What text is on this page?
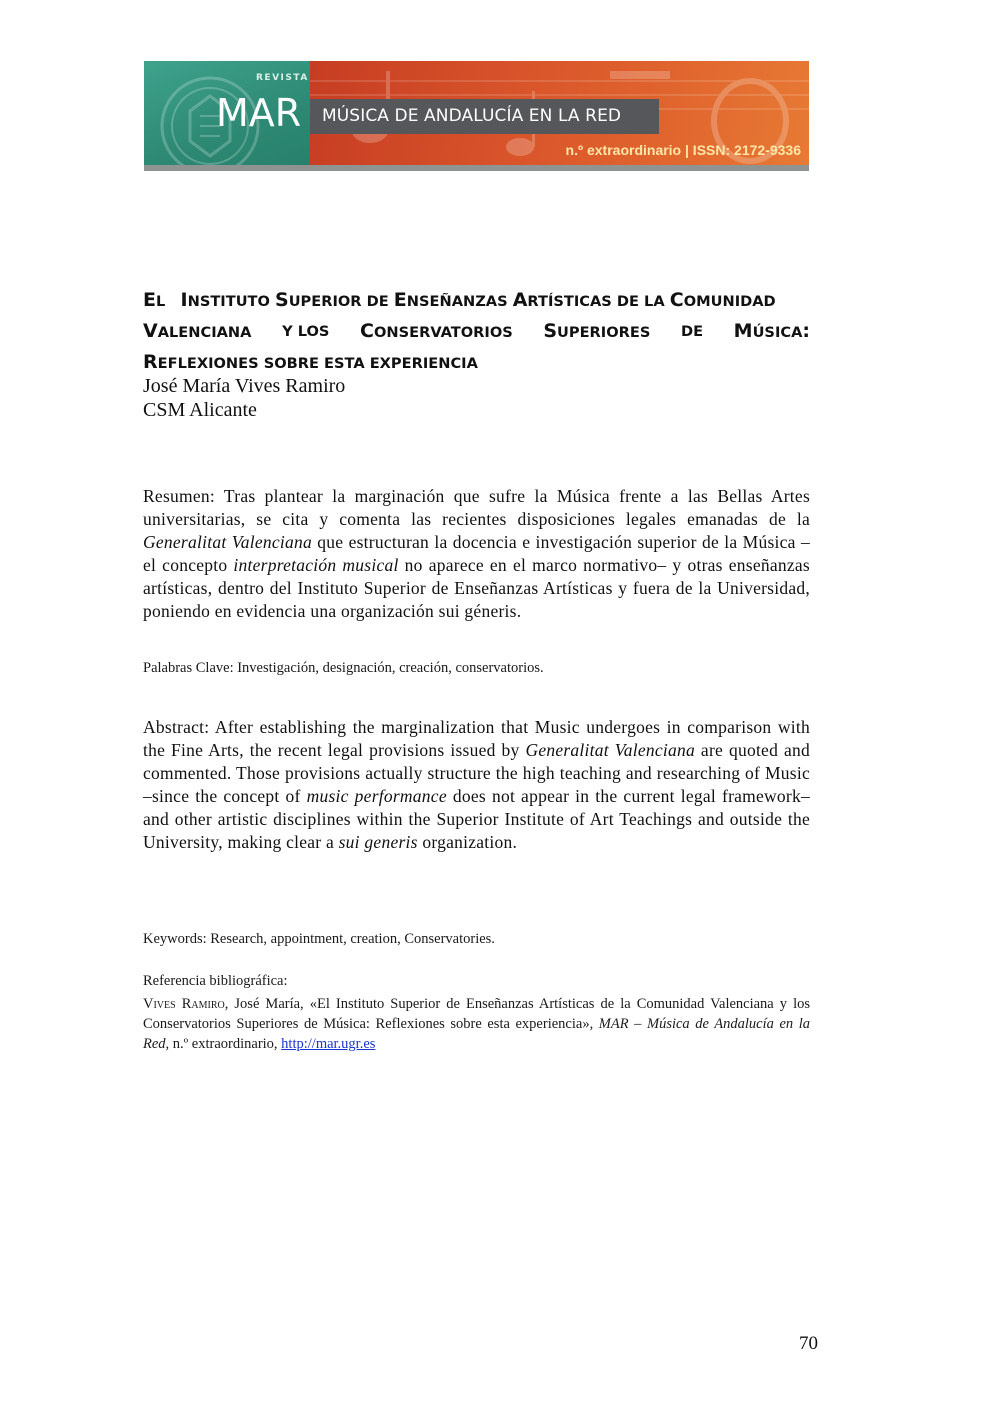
REVISTA
MAR MÚSICA DE ANDALUCÍA EN LA RED
n.º extraordinario | ISSN: 2172-9336
EL INSTITUTO SUPERIOR DE ENSEÑANZAS ARTÍSTICAS DE LA COMUNIDAD
VALENCIANA Y LOS CONSERVATORIOS SUPERIORES DE MÚSICA:
REFLEXIONES SOBRE ESTA EXPERIENCIA
José María Vives Ramiro
CSM Alicante
Resumen: Tras plantear la marginación que sufre la Música frente a las Bellas Artes universitarias, se cita y comenta las recientes disposiciones legales emanadas de la Generalitat Valenciana que estructuran la docencia e investigación superior de la Música –el concepto interpretación musical no aparece en el marco normativo– y otras enseñanzas artísticas, dentro del Instituto Superior de Enseñanzas Artísticas y fuera de la Universidad, poniendo en evidencia una organización sui géneris.
Palabras Clave: Investigación, designación, creación, conservatorios.
Abstract: After establishing the marginalization that Music undergoes in comparison with the Fine Arts, the recent legal provisions issued by Generalitat Valenciana are quoted and commented. Those provisions actually structure the high teaching and researching of Music –since the concept of music performance does not appear in the current legal framework– and other artistic disciplines within the Superior Institute of Art Teachings and outside the University, making clear a sui generis organization.
Keywords: Research, appointment, creation, Conservatories.
Referencia bibliográfica:
Vives Ramiro, José María, «El Instituto Superior de Enseñanzas Artísticas de la Comunidad Valenciana y los Conservatorios Superiores de Música: Reflexiones sobre esta experiencia», MAR – Música de Andalucía en la Red, n.º extraordinario, http://mar.ugr.es
70
